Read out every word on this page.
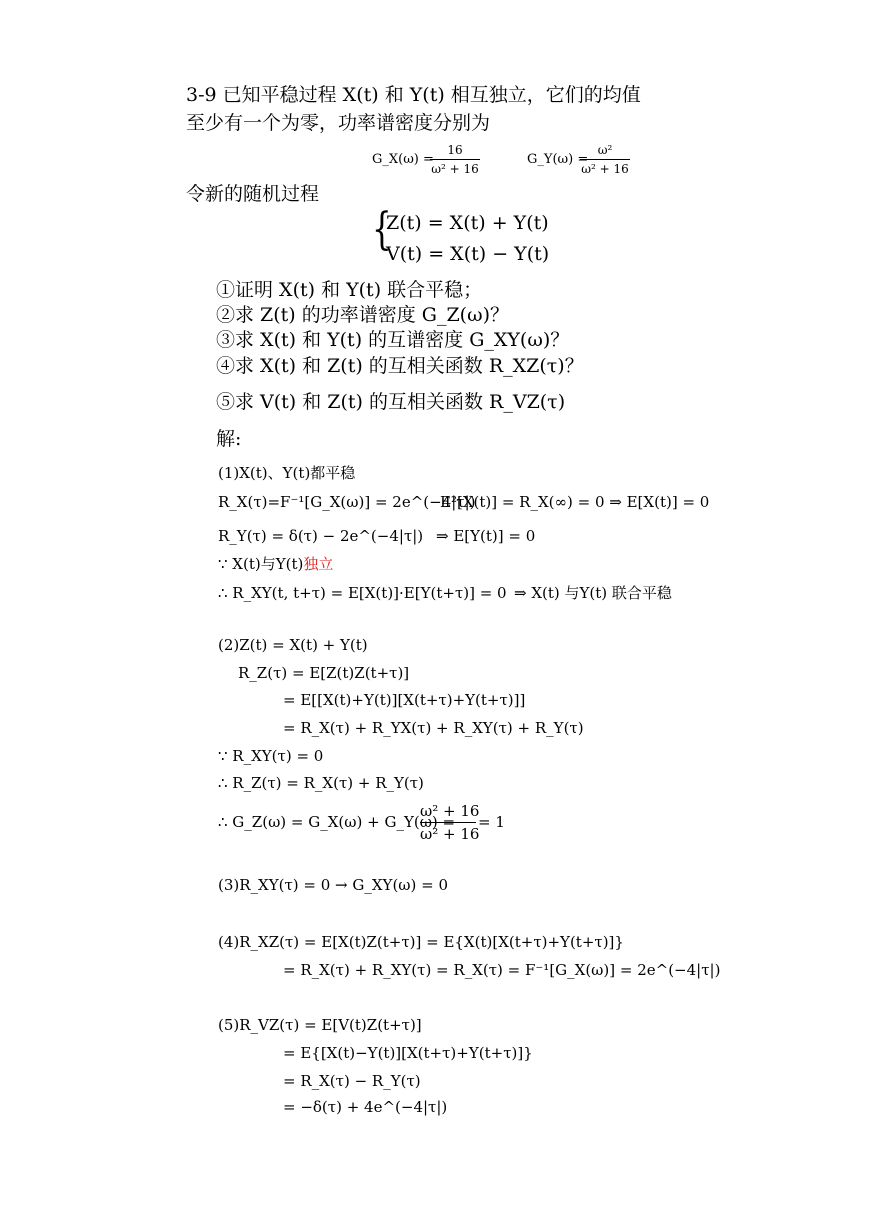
3-9 已知平稳过程 X(t) 和 Y(t) 相互独立，它们的均值
至少有一个为零，功率谱密度分别为
G_X(ω) =
$\frac{16}{\text{ω² + 16}}$	G_Y(ω) =
$\frac{\text{ω²}}{\text{ω² + 16}}$
令新的随机过程
{
Z(t) = X(t) + Y(t)
V(t) = X(t) − Y(t)
①证明 X(t) 和 Y(t) 联合平稳；
②求 Z(t) 的功率谱密度 G_Z(ω)？
③求 X(t) 和 Y(t) 的互谱密度 G_XY(ω)？
④求 X(t) 和 Z(t) 的互相关函数 R_XZ(τ)？
⑤求 V(t) 和 Z(t) 的互相关函数 R_VZ(τ)
解:
(1)X(t)、Y(t)都平稳
R_X(τ)=F⁻¹[G_X(ω)] = 2e^(−4|τ|)
E²[X(t)] = R_X(∞) = 0 ⇒ E[X(t)] = 0
R_Y(τ) = δ(τ) − 2e^(−4|τ|) ⇒ E[Y(t)] = 0
∵ X(t)与Y(t)独立
∴ R_XY(t, t+τ) = E[X(t)]·E[Y(t+τ)] = 0 ⇒ X(t) 与Y(t) 联合平稳
(2)Z(t) = X(t) + Y(t)
R_Z(τ) = E[Z(t)Z(t+τ)]
= E[[X(t)+Y(t)][X(t+τ)+Y(t+τ)]]
= R_X(τ) + R_YX(τ) + R_XY(τ) + R_Y(τ)
∵ R_XY(τ) = 0
∴ R_Z(τ) = R_X(τ) + R_Y(τ)
∴ G_Z(ω) = G_X(ω) + G_Y(ω) =
$\frac{\text{ω² + 16}}{\text{ω² + 16}} = 1$
(3)R_XY(τ) = 0 → G_XY(ω) = 0
(4)R_XZ(τ) = E[X(t)Z(t+τ)] = E{X(t)[X(t+τ)+Y(t+τ)]}
= R_X(τ) + R_XY(τ) = R_X(τ) = F⁻¹[G_X(ω)] = 2e^(−4|τ|)
(5)R_VZ(τ) = E[V(t)Z(t+τ)]
= E{[X(t)−Y(t)][X(t+τ)+Y(t+τ)]}
= R_X(τ) − R_Y(τ)
= −δ(τ) + 4e^(−4|τ|)
